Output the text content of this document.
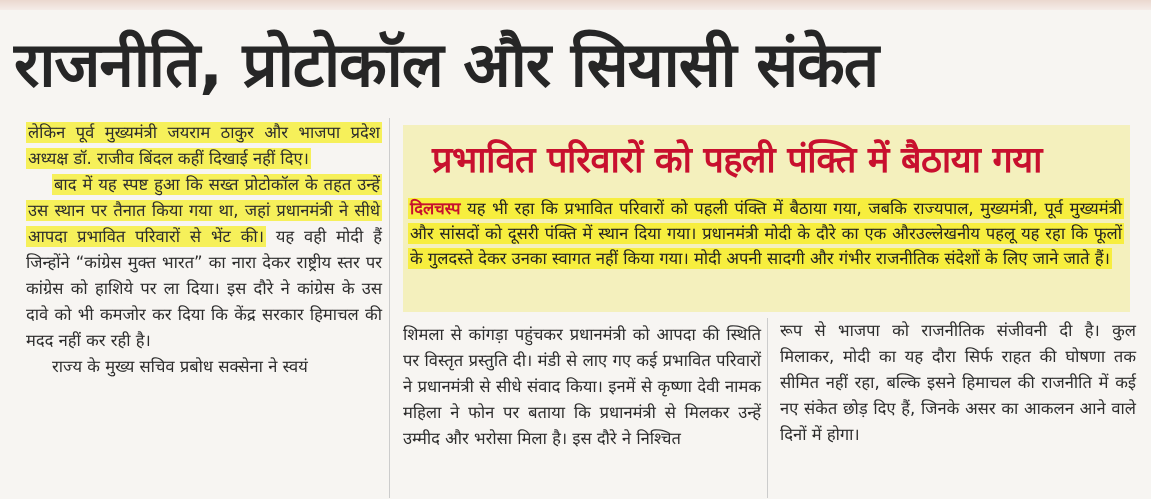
राजनीति, प्रोटोकॉल और सियासी संकेत

लेकिन पूर्व मुख्यमंत्री जयराम ठाकुर और भाजपा प्रदेश अध्यक्ष डॉ. राजीव बिंदल कहीं दिखाई नहीं दिए।

बाद में यह स्पष्ट हुआ कि सख्त प्रोटोकॉल के तहत उन्हें उस स्थान पर तैनात किया गया था, जहां प्रधानमंत्री ने सीधे आपदा प्रभावित परिवारों से भेंट की। यह वही मोदी हैं जिन्होंने “कांग्रेस मुक्त भारत” का नारा देकर राष्ट्रीय स्तर पर कांग्रेस को हाशिये पर ला दिया। इस दौरे ने कांग्रेस के उस दावे को भी कमजोर कर दिया कि केंद्र सरकार हिमाचल की मदद नहीं कर रही है।

राज्य के मुख्य सचिव प्रबोध सक्सेना ने स्वयं

प्रभावित परिवारों को पहली पंक्ति में बैठाया गया
दिलचस्प यह भी रहा कि प्रभावित परिवारों को पहली पंक्ति में बैठाया गया, जबकि राज्यपाल, मुख्यमंत्री, पूर्व मुख्यमंत्री और सांसदों को दूसरी पंक्ति में स्थान दिया गया। प्रधानमंत्री मोदी के दौरे का एक औरउल्लेखनीय पहलू यह रहा कि फूलों के गुलदस्ते देकर उनका स्वागत नहीं किया गया। मोदी अपनी सादगी और गंभीर राजनीतिक संदेशों के लिए जाने जाते हैं।

शिमला से कांगड़ा पहुंचकर प्रधानमंत्री को आपदा की स्थिति पर विस्तृत प्रस्तुति दी। मंडी से लाए गए कई प्रभावित परिवारों ने प्रधानमंत्री से सीधे संवाद किया। इनमें से कृष्णा देवी नामक महिला ने फोन पर बताया कि प्रधानमंत्री से मिलकर उन्हें उम्मीद और भरोसा मिला है। इस दौरे ने निश्चित

रूप से भाजपा को राजनीतिक संजीवनी दी है। कुल मिलाकर, मोदी का यह दौरा सिर्फ राहत की घोषणा तक सीमित नहीं रहा, बल्कि इसने हिमाचल की राजनीति में कई नए संकेत छोड़ दिए हैं, जिनके असर का आकलन आने वाले दिनों में होगा।
